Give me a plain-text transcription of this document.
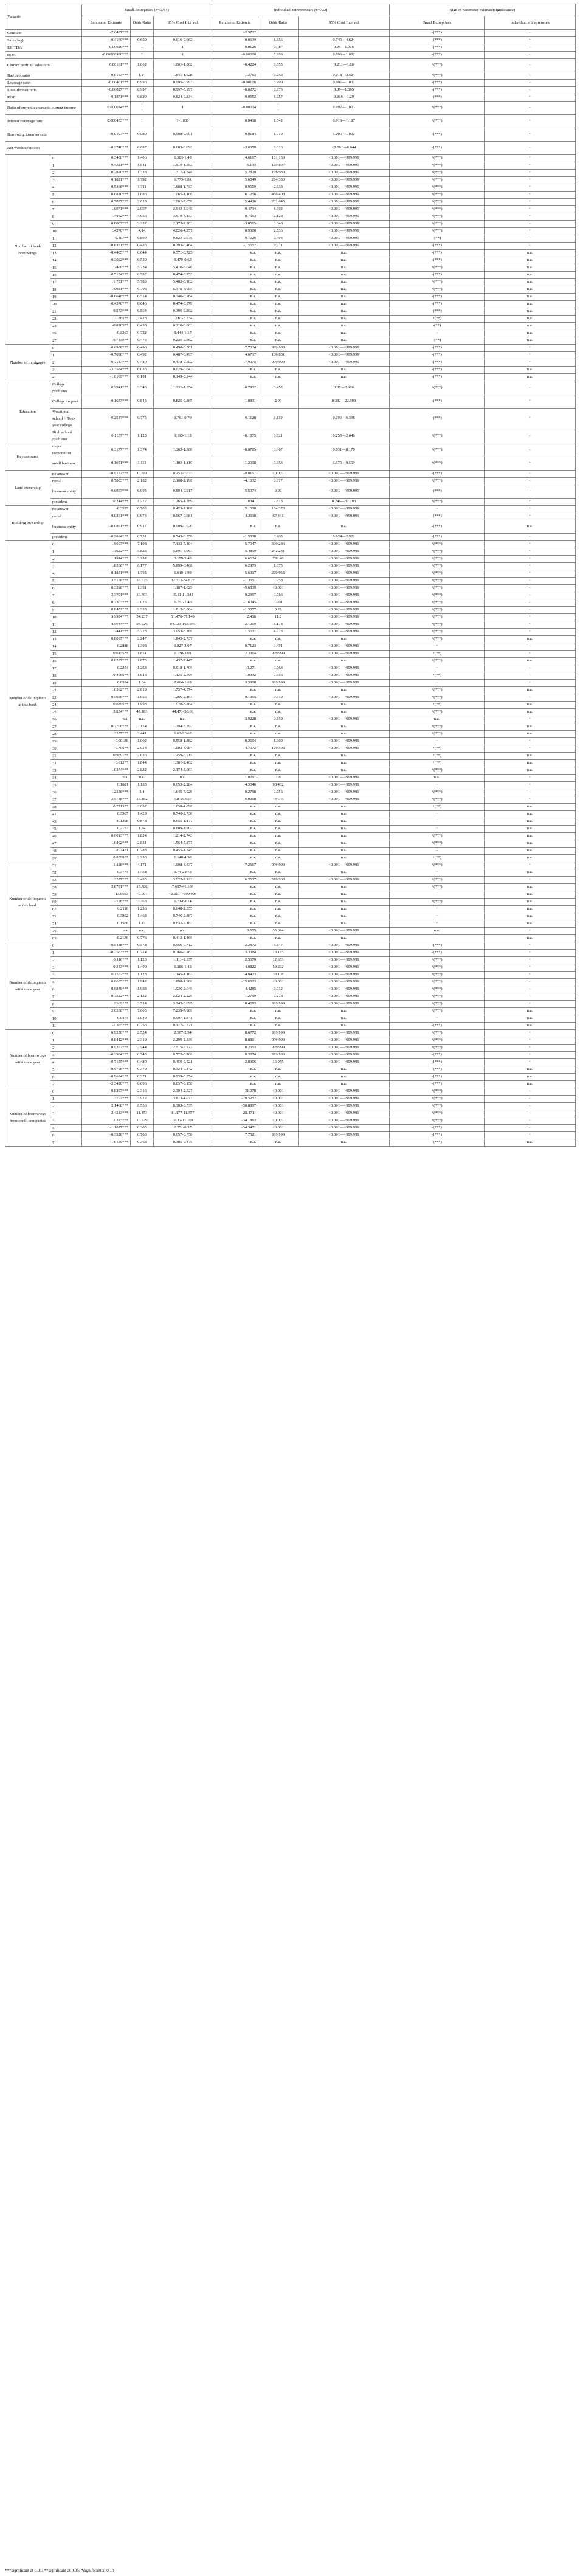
Variable		Small Entreprises (n=3711)			Individual entrepreneurs (n=722)			Sign of parameter estimate(significance)	
		Parameter Estimate	Odds Ratio	95% Conf Interval	Parameter Estimate	Odds Ratio	95% Conf Interval	Small Entreprises	Individual entrepreneurs
Constant		-7.0437***			-2.5722			-(***)	-
Sales(log)		-0.4169***	0.659	0.616-0.662	0.0639	1.856	0.745—4.624	-(***)	+
EBITDA		-0.00026***	1	1	-0.0126	0.987	0.96—1.016	-(***)	-
ROA		-0.00000386***	1	1	-0.00008	0.999	0.996—1.002	-(***)	-
Current profit to sales ratio		0.00161***	1.002	1.001-1.002	-0.4224	0.655	0.231—1.86	+(***)	-
Bad debt ratio		0.6153***	1.84	1.841-1.928	-1.3763	0.253	0.018—3.524	+(***)	-
Leverage ratio		-0.00401***	0.996	0.995-0.997	-0.00106	0.999	0.997—1.007	-(***)	-
Loan-deposit ratio		-0.00027***	0.997	0.997-0.997	-0.0272	0.973	0.89—1.065	-(***)	-
ROE		-0.1871***	0.829	0.824-0.834	0.0552	1.057	0.866—1.29	-(***)	+
Ratio of current expense to current income		0.000074***	1	1	-0.00014	1	0.997—1.003	+(***)	-
Interest coverage ratio		0.000433***	1	1-1.001	0.0418	1.042	0.916—1.187	+(***)	+
Borrowing turnover ratio		-0.0107***	0.989	0.988-0.991	0.0184	1.019	1.006—1.032	-(***)	+
Net worth.debt ratio		-0.3748***	0.687	0.683-0.692	-3.6359	0.026	<0.001—8.644	-(***)	-
Number of bank borrowings	0	0.3406***	1.406	1.383-1.43	4.6167	101.159	<0.001—>999.999	+(***)	+
	1	0.4321***	1.541	1.519-1.563	5.133	169.807	<0.001—>999.999	+(***)	+
	2	0.2870***	1.333	1.317-1.348	5.2829	196.933	<0.001—>999.999	+(***)	+
	3	0.1831***	1.792	1.773-1.81	5.6849	294.383	<0.001—>999.999	+(***)	+
	4	0.5368***	1.711	1.688-1.733	0.9609	2.638	<0.001—>999.999	+(***)	+
	5	0.0820***	1.086	1.065-1.106	6.1256	456.408	<0.001—>999.999	+(***)	+
	6	0.7027***	2.019	1.981-2.059	5.4426	231.045	<0.001—>999.999	+(***)	+
	7	1.0971***	2.997	2.943-3.049	0.4714	1.602	<0.001—>999.999	+(***)	+
	8	1.4062***	4.056	3.979-4.133	0.7553	2.128	<0.001—>999.999	+(***)	+
	9	0.8007***	2.227	2.172-2.283	-3.0565	0.048	<0.001—>999.999	+(***)	-
	10	1.4270***	4.14	4.026-4.257	0.9308	2.536	<0.001—>999.999	+(***)	+
	11	-0.107**	0.899	0.823-0.979	-0.7026	0.495	<0.001—>999.999	-(**)	-
	12	-0.8331***	0.435	0.393-0.464	-1.5552	0.211	<0.001—>999.999	-(***)	-
	13	-0.4405***	0.644	0.571-0.725	n.a.	n.a.	n.a.	-(***)	n.a.
	14	-0.3692***	0.539	0.479-0.63	n.a.	n.a.	n.a.	-(***)	n.a.
	15	1.7466***	5.734	5.476-6.046	n.a.	n.a.	n.a.	+(***)	n.a.
	16	-0.5154***	0.597	0.474-0.753	n.a.	n.a.	n.a.	-(***)	n.a.
	17	1.751***	5.783	5.482-6.102	n.a.	n.a.	n.a.	+(***)	n.a.
	18	1.9031***	6.706	6.375-7.055	n.a.	n.a.	n.a.	+(***)	n.a.
	19	-0.6648***	0.514	0.346-0.764	n.a.	n.a.	n.a.	-(***)	n.a.
	20	-0.4378***	0.646	0.474-0.879	n.a.	n.a.	n.a.	-(***)	n.a.
	21	-0.573***	0.564	0.396-0.802	n.a.	n.a.	n.a.	-(***)	n.a.
	22	0.885**	2.423	1.061-5.534	n.a.	n.a.	n.a.	+(**)	n.a.
	23	-0.8205**	0.438	0.216-0.883	n.a.	n.a.	n.a.	-(**)	n.a.
	26	-0.3263	0.722	0.444-1.17	n.a.	n.a.	n.a.	-	n.a.
	27	-0.7439**	0.475	0.235-0.962	n.a.	n.a.	n.a.	-(**)	n.a.
Number of mortgages	0	-0.6968***	0.498	0.496-0.501	7.7334	999.999	<0.001—>999.999	-(***)	+
	1	-0.7096***	0.492	0.487-0.497	4.6717	106.881	<0.001—>999.999	-(***)	+
	2	-0.7187***	0.489	0.478-0.502	7.9075	999.999	<0.001—>999.999	-(***)	+
	3	-3.3584***	0.035	0.029-0.042	n.a.	n.a.	n.a.	-(***)	n.a.
	4	-1.6169***	0.191	0.149-0.244	n.a.	n.a.	n.a.	-(***)	n.a.
Education	College graduates	0.2941***	3.343	1.331-1.354	-0.7932	0.452	0.07—2.906	+(***)	-
	College dropout	-0.1687***	0.845	0.825-0.865	1.0831	2.96	0.382—22.908	-(***)	+
	Vocational school + Two-year college	-0.2547***	0.775	0.761-0.79	0.1128	1.119	0.196—6.398	-(***)	+
	High school graduates	0.1157***	1.123	1.115-1.13	-0.1975	0.821	0.255—2.646	+(***)	-
Key accounts	major corporation	0.3177***	1.374	1.362-1.386	-0.6785	0.307	0.031—8.178	+(***)	-
	small business	0.1051***	1.111	1.103-1.119	1.2098	3.353	1.175—9.569	+(***)	+
Land ownership	no answer	-0.9177***	0.399	0.252-0.633	-9.0157	<0.001	<0.001—>999.999	-(***)	-
	rental	0.7803***	2.182	2.108-2.198	-4.1032	0.017	<0.001—>999.999	+(***)	-
	business entity	-0.0997***	0.905	0.894-0.917	-5.5074	0.03	<0.001—>999.999	-(***)	-
	president	0.244***	1.277	1.265-1.289	1.0341	2.813	0.246—32.203	+(***)	+
Building ownership	no answer	-0.3532	0.702	0.423-1.168	5.1018	164.323	<0.001—>999.999	-	+
	rental	-0.0261***	0.974	0.967-0.981	4.2118	67.461	<0.001—>999.999	-(***)	+
	business entity	-0.0861***	0.917	0.909-0.926	n.a.	n.a.	n.a.	-(***)	n.a.
	president	-0.2864***	0.751	0.743-0.759	-1.5338	0.265	0.024—2.922	-(***)	-
Number of delinquents at this bank	0	1.9607***	7.108	7.133-7.204	5.7047	300.286	<0.001—>999.999	+(***)	+
	1	1.7622***	5.825	5.691-5.963	5.4899	242.241	<0.001—>999.999	+(***)	+
	2	1.1914***	3.292	3.159-3.43	6.6624	782.46	<0.001—>999.999	+(***)	+
	3	1.8208***	6.177	5.899-6.468	6.2873	1.075	<0.001—>999.999	+(***)	+
	4	0.1851***	1.795	1.619-1.99	5.6017	270.955	<0.001—>999.999	+(***)	+
	5	3.5138***	33.575	32.372-34.822	-1.3551	0.258	<0.001—>999.999	+(***)	-
	6	0.3298***	1.391	1.187-1.629	-9.6839	<0.001	<0.001—>999.999	+(***)	-
	7	2.3701***	10.703	10.11-11.341	-0.2397	0.786	<0.001—>999.999	+(***)	-
	8	0.7303***	2.075	1.751-2.46	-1.6045	0.201	<0.001—>999.999	+(***)	-
	9	0.8472***	2.333	1.812-3.004	-1.3077	0.27	<0.001—>999.999	+(***)	-
	10	3.9934***	54.237	51.476-57.146	2.416	11.2	<0.001—>999.999	+(***)	+
	11	4.5944***	98.926	94.123-103.975	2.1009	8.173	<0.001—>999.999	+(***)	+
	12	1.7441***	5.723	3.953-8.289	1.5631	4.773	<0.001—>999.999	+(***)	+
	13	0.8097***	2.247	1.845-2.737	n.a.	n.a.	n.a.	+(***)	n.a.
	14	0.2888	1.308	0.827-2.07	-0.7123	0.491	<0.001—>999.999	+	-
	15	0.6155**	1.851	1.138-3.01	12.3364	999.999	<0.001—>999.999	+(**)	+
	16	0.6287***	1.875	1.437-2.447	n.a.	n.a.	n.a.	+(***)	n.a.
	17	0.2254	1.253	0.918-1.709	-0.271	0.763	<0.001—>999.999	+	-
	18	0.4966**	1.643	1.125-2.399	-1.0332	0.356	<0.001—>999.999	+(**)	-
	19	0.0394	1.04	0.664-1.63	13.3808	999.999	<0.001—>999.999	+	+
	22	1.0362***	2.819	1.737-4.574	n.a.	n.a.	n.a.	+(***)	n.a.
	23	0.5038***	1.655	1.266-2.164	-0.1965	0.819	<0.001—>999.999	+(***)	-
	24	0.6895**	1.993	1.028-3.864	n.a.	n.a.	n.a.	+(**)	n.a.
	25	3.854***	47.183	44.471-50.06	n.a.	n.a.	n.a.	+(***)	n.a.
	26	n.a.	n.a.	n.a.	3.9228	0.859	<0.001—>999.999	n.a.	+
	27	0.7766***	2.174	1.394-3.392	n.a.	n.a.	n.a.	+(***)	n.a.
	28	1.2357***	3.441	1.63-7.262	n.a.	n.a.	n.a.	+(***)	n.a.
	29	0.00188	1.002	0.558-1.882	0.2694	1.309	<0.001—>999.999	+	+
	30	0.705**	2.024	1.003-4.084	4.7972	120.505	<0.001—>999.999	+(**)	+
	31	0.9691**	2.636	1.259-5.515	n.a.	n.a.	n.a.	+(**)	n.a.
	32	0.612**	1.844	1.381-2.462	n.a.	n.a.	n.a.	+(**)	n.a.
	33	1.0374***	2.822	2.174-3.663	n.a.	n.a.	n.a.	+(***)	n.a.
	34	n.a.	n.a.	n.a.	1.0297	2.8	<0.001—>999.999	n.a.	+
	35	0.1681	1.183	0.653-2.284	4.5046	90.432	<0.001—>999.999	+	+
	36	1.2238***	3.4	1.645-7.029	-0.2798	0.756	<0.001—>999.999	+(***)	-
	37	2.5788***	13.182	5.8-29.957	6.0968	444.45	<0.001—>999.999	+(***)	+
	38	0.7213**	2.057	1.058-4.098	n.a.	n.a.	n.a.	+(**)	n.a.
	41	0.3567	1.429	0.746-2.736	n.a.	n.a.	n.a.	+	n.a.
	43	-0.1298	0.878	0.655-1.177	n.a.	n.a.	n.a.	-	n.a.
	45	0.2152	1.24	0.809-1.902	n.a.	n.a.	n.a.	+	n.a.
	46	0.6013***	1.824	1.214-2.743	n.a.	n.a.	n.a.	+(***)	n.a.
	47	1.0402***	2.831	1.564-5.877	n.a.	n.a.	n.a.	+(***)	n.a.
	48	-0.2451	0.783	0.455-1.345	n.a.	n.a.	n.a.	-	n.a.
	50	0.8299**	2.293	1.148-4.58	n.a.	n.a.	n.a.	+(**)	n.a.
Number of delinquents at this bank	51	1.428***	4.171	1.908-8.837	7.2567	999.999	<0.001—>999.999	+(***)	+
	52	0.3774	1.458	0.74-2.873	n.a.	n.a.	n.a.	+	n.a.
	53	1.2337***	3.435	3.022-7.122	6.2537	519.908	<0.001—>999.999	+(***)	+
	58	2.8781***	17.788	7.697-41.107	n.a.	n.a.	n.a.	+(***)	n.a.
	59	-13.9593	<0.001	<0.001->999.999	n.a.	n.a.	n.a.	-	n.a.
	60	1.2128***	3.363	1.71-6.614	n.a.	n.a.	n.a.	+(***)	n.a.
	67	0.2116	1.236	0.648-2.355	n.a.	n.a.	n.a.	+	n.a.
	71	0.3802	1.463	0.746-2.867	n.a.	n.a.	n.a.	+	n.a.
	74	0.1566	1.17	0.632-2.162	n.a.	n.a.	n.a.	+	n.a.
	76	n.a.	n.a.	n.a.	3.575	35.694	<0.001—>999.999	n.a.	+
	83	-0.2136	0.776	0.413-1.466	n.a.	n.a.	n.a.	-	n.a.
Number of delinquents within one year	0	-0.5488***	0.578	0.560-0.712	2.2872	9.847	<0.001—>999.999	-(***)	+
	1	-0.2563***	0.774	0.766-0.782	3.3384	28.175	<0.001—>999.999	-(***)	+
	2	0.116***	1.123	1.111-1.135	2.5379	12.653	<0.001—>999.999	+(***)	+
	3	0.343***	1.409	1.386-1.43	4.0822	59.262	<0.001—>999.999	+(***)	+
	4	0.1162***	1.123	1.145-1.163	4.0423	38.108	<0.001—>999.999	+(***)	+
	5	0.6635***	1.942	1.898-1.986	-15.6523	<0.001	<0.001—>999.999	+(***)	-
	6	0.6849***	1.983	1.926-2.049	-4.4285	0.012	<0.001—>999.999	+(***)	-
	7	0.7522***	2.122	2.024-2.225	-1.2799	0.278	<0.001—>999.999	+(***)	-
	8	1.2569***	3.514	3.345-3.695	18.4683	999.999	<0.001—>999.999	+(***)	+
	9	2.0288***	7.605	7.239-7.989	n.a.	n.a.	n.a.	+(***)	n.a.
	10	0.0474	1.049	0.597-1.841	n.a.	n.a.	n.a.	+	n.a.
	11	-1.365***	0.256	0.177-0.371	n.a.	n.a.	n.a.	-(***)	n.a.
Number of borrowings within one year	0	0.9258***	2.524	2.507-2.54	8.6772	999.999	<0.001—>999.999	+(***)	+
	1	0.8412***	2.319	2.299-2.339	8.8801	999.999	<0.001—>999.999	+(***)	+
	2	0.9357***	2.544	2.515-2.573	8.2653	999.999	<0.001—>999.999	+(***)	+
	3	-0.2964***	0.743	0.722-0.766	8.3274	999.999	<0.001—>999.999	-(***)	+
	4	-0.7155***	0.489	0.459-0.521	2.8306	16.955	<0.001—>999.999	-(***)	+
	5	-0.9706***	0.379	0.324-0.442	n.a.	n.a.	n.a.	-(***)	n.a.
	6	-0.9604***	0.371	0.239-0.554	n.a.	n.a.	n.a.	-(***)	n.a.
	7	-2.3420***	0.096	0.057-0.158	n.a.	n.a.	n.a.	-(***)	n.a.
Number of borrowings from credit companies	0	0.8397***	2.316	2.304-2.327	-31.078	<0.001	<0.001—>999.999	+(***)	-
	1	1.3797***	3.972	3.873-4.073	-29.5252	<0.001	<0.001—>999.999	+(***)	-
	2	2.1468***	8.556	8.383-8.735	-30.8897	<0.001	<0.001—>999.999	+(***)	-
	3	2.4383***	11.453	11.177-11.757	-28.4711	<0.001	<0.001—>999.999	+(***)	-
	4	2.373***	10.729	10.37-11.101	-34.1863	<0.001	<0.001—>999.999	+(***)	-
	5	-1.1887***	0.305	0.251-0.37	-34.3471	<0.001	<0.001—>999.999	-(***)	-
	6	-0.3528***	0.703	0.657-0.758	7.7521	999.999	<0.001—>999.999	-(***)	+
	7	-1.0139***	0.363	0.385-0.475	n.a.	n.a.	n.a.	-(***)	n.a.
***significant at 0.01; **significant at 0.05; *significant at 0.10
